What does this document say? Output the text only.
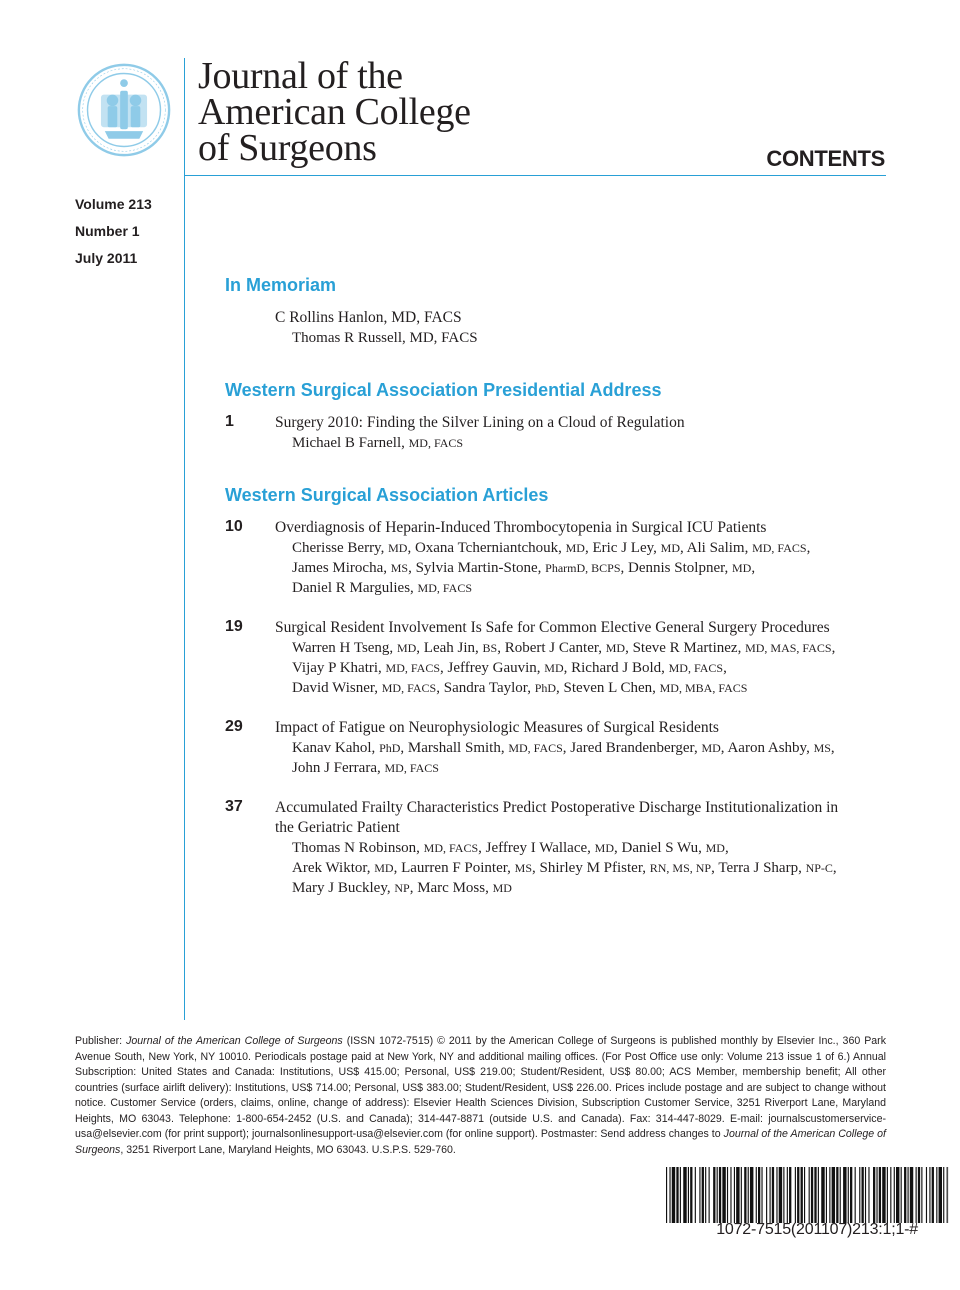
Journal of the
American College
of Surgeons	CONTENTS
Volume 213
Number 1
July 2011
In Memoriam
C Rollins Hanlon, MD, FACS
Thomas R Russell, MD, FACS
Western Surgical Association Presidential Address
1	Surgery 2010: Finding the Silver Lining on a Cloud of Regulation
Michael B Farnell, MD, FACS
Western Surgical Association Articles
10 Overdiagnosis of Heparin-Induced Thrombocytopenia in Surgical ICU Patients
Cherisse Berry, MD, Oxana Tcherniantchouk, MD, Eric J Ley, MD, Ali Salim, MD, FACS,
James Mirocha, MS, Sylvia Martin-Stone, PharmD, BCPS, Dennis Stolpner, MD,
Daniel R Margulies, MD, FACS
19 Surgical Resident Involvement Is Safe for Common Elective General Surgery Procedures
Warren H Tseng, MD, Leah Jin, BS, Robert J Canter, MD, Steve R Martinez, MD, MAS, FACS,
Vijay P Khatri, MD, FACS, Jeffrey Gauvin, MD, Richard J Bold, MD, FACS,
David Wisner, MD, FACS, Sandra Taylor, PhD, Steven L Chen, MD, MBA, FACS
29 Impact of Fatigue on Neurophysiologic Measures of Surgical Residents
Kanav Kahol, PhD, Marshall Smith, MD, FACS, Jared Brandenberger, MD, Aaron Ashby, MS,
John J Ferrara, MD, FACS
37 Accumulated Frailty Characteristics Predict Postoperative Discharge Institutionalization in
the Geriatric Patient
Thomas N Robinson, MD, FACS, Jeffrey I Wallace, MD, Daniel S Wu, MD,
Arek Wiktor, MD, Laurren F Pointer, MS, Shirley M Pfister, RN, MS, NP, Terra J Sharp, NP-C,
Mary J Buckley, NP, Marc Moss, MD
Publisher: Journal of the American College of Surgeons (ISSN 1072-7515) © 2011 by the American College of Surgeons is published monthly by Elsevier Inc., 360 Park Avenue South, New York, NY 10010. Periodicals postage paid at New York, NY and additional mailing offices. (For Post Office use only: Volume 213 issue 1 of 6.) Annual Subscription: United States and Canada: Institutions, US$ 415.00; Personal, US$ 219.00; Student/Resident, US$ 80.00; ACS Member, membership benefit; All other countries (surface airlift delivery): Institutions, US$ 714.00; Personal, US$ 383.00; Student/Resident, US$ 226.00. Prices include postage and are subject to change without notice. Customer Service (orders, claims, online, change of address): Elsevier Health Sciences Division, Subscription Customer Service, 3251 Riverport Lane, Maryland Heights, MO 63043. Telephone: 1-800-654-2452 (U.S. and Canada); 314-447-8871 (outside U.S. and Canada). Fax: 314-447-8029. E-mail: journalscustomerservice-usa@elsevier.com (for print support); journalsonlinesupport-usa@elsevier.com (for online support). Postmaster: Send address changes to Journal of the American College of Surgeons, 3251 Riverport Lane, Maryland Heights, MO 63043. U.S.P.S. 529-760.
1072-7515(201107)213:1;1-#
